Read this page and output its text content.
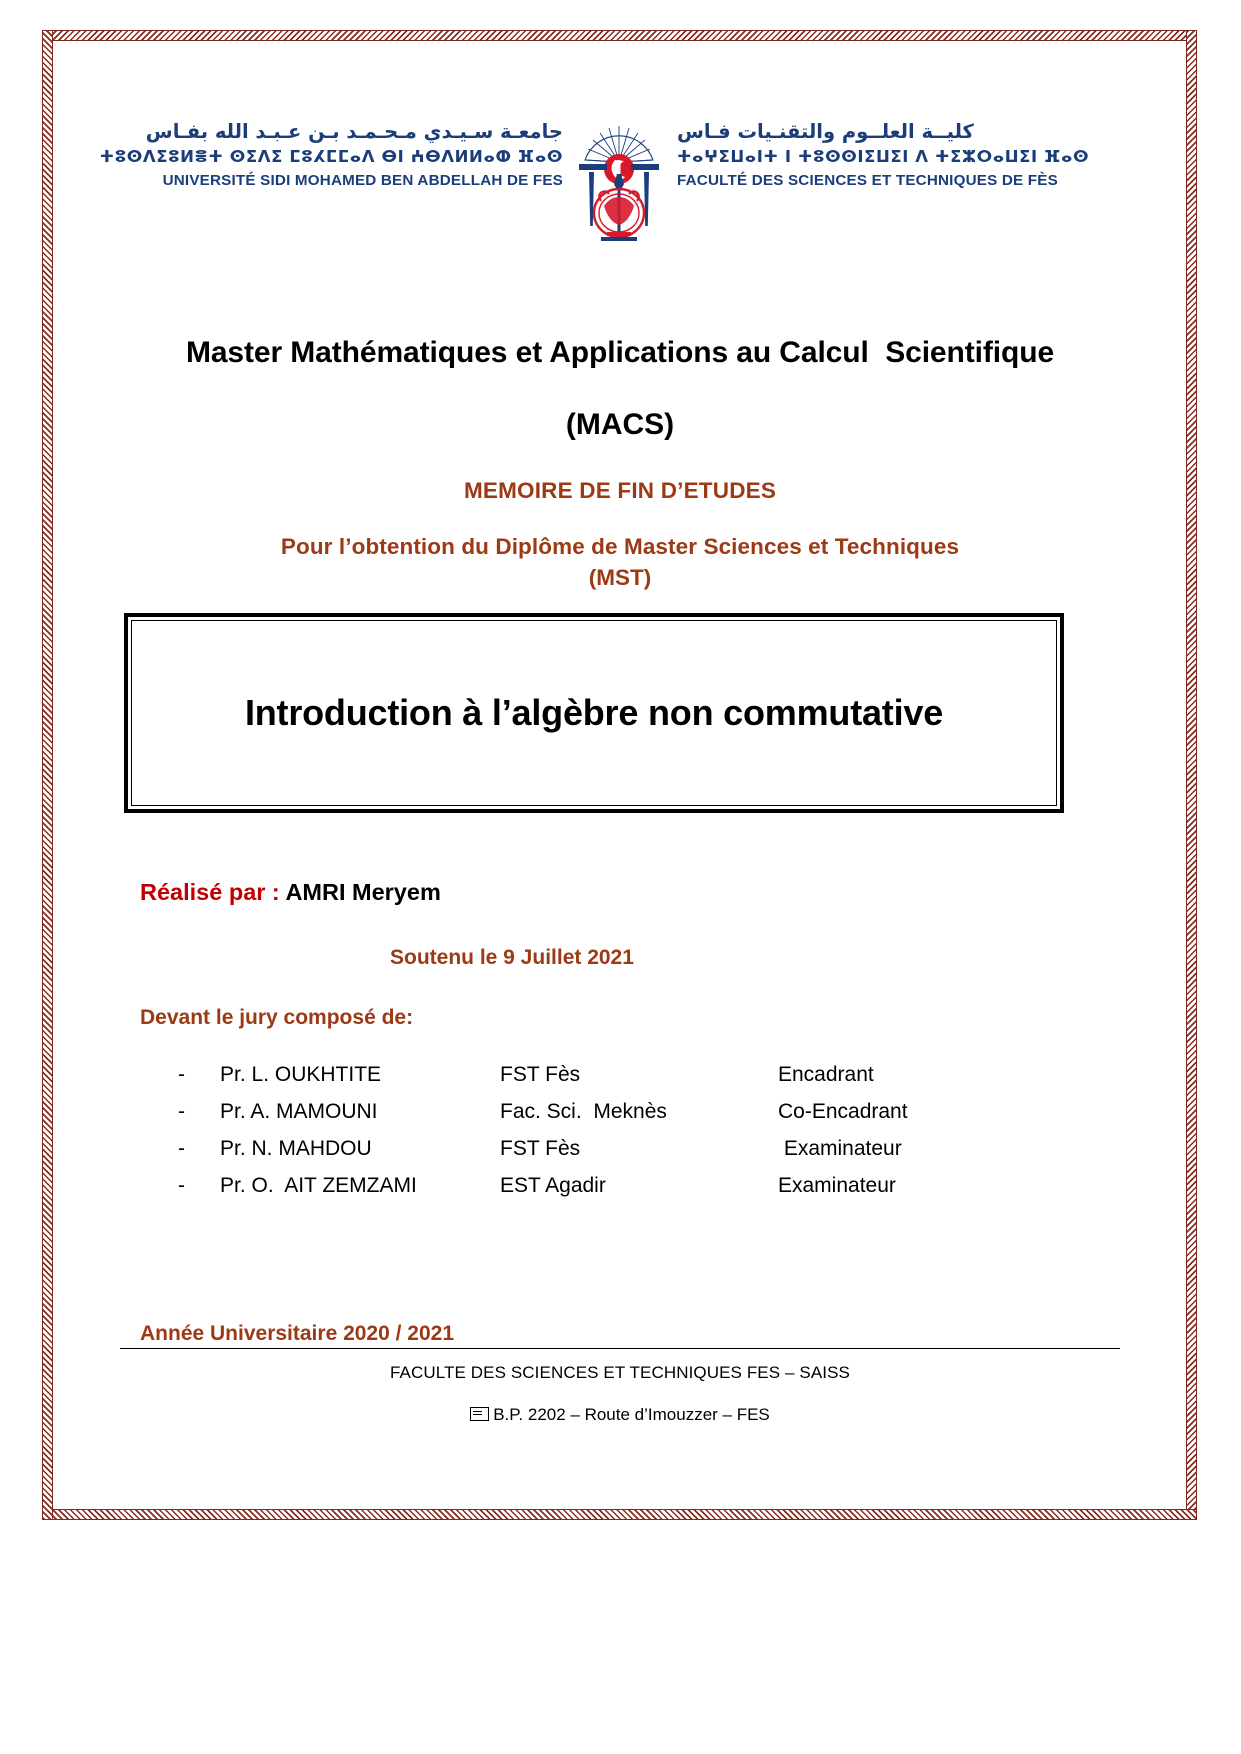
جامعـة سـيـدي مـحـمـد بـن عـبـد الله بفـاس
ⵜⵓⵙⴷⵉⵓⵍⴻⵜ ⵙⵉⴷⵉ ⵎⵓⵃⵎⵎⴰⴷ ⴱⵏ ⵄⴱⴷⵍⵍⴰⵀ ⴼⴰⵙ
UNIVERSITÉ SIDI MOHAMED BEN ABDELLAH DE FES
كليــة العلــوم والتقنـيات فـاس
ⵜⴰⵖⵉⵡⴰⵏⵜ ⵏ ⵜⵓⵙⵙⵏⵉⵡⵉⵏ ⴷ ⵜⵉⵣⵔⴰⵡⵉⵏ ⴼⴰⵙ
FACULTÉ DES SCIENCES ET TECHNIQUES DE FÈS
Master Mathématiques et Applications au Calcul  Scientifique
(MACS)
MEMOIRE DE FIN D’ETUDES
Pour l’obtention du Diplôme de Master Sciences et Techniques
(MST)
Introduction à l’algèbre non commutative
Réalisé par : AMRI Meryem
Soutenu le 9 Juillet 2021
Devant le jury composé de:
-	Pr. L. OUKHTITE	FST Fès	Encadrant
-	Pr. A. MAMOUNI	Fac. Sci.  Meknès	Co-Encadrant
-	Pr. N. MAHDOU	FST Fès	Examinateur
-	Pr. O.  AIT ZEMZAMI	EST Agadir	Examinateur
Année Universitaire 2020 / 2021
FACULTE DES SCIENCES ET TECHNIQUES FES – SAISS
B.P. 2202 – Route d’Imouzzer – FES
